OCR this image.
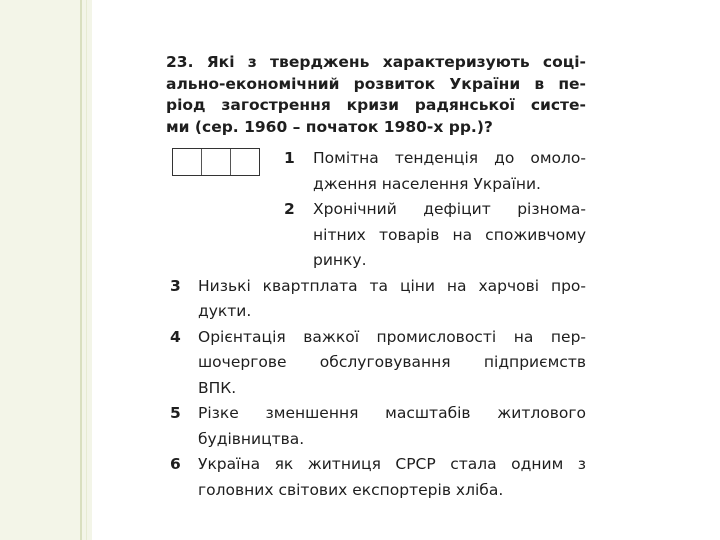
23. Які з тверджень характеризують соці-
ально-економічний розвиток України в пе-
ріод загострення кризи радянської систе-
ми (сер. 1960 – початок 1980-х рр.)?

1 Помітна тенденція до омоло-
дження населення України.
2 Хронічний дефіцит різнома-
нітних товарів на споживчому
ринку.
3 Низькі квартплата та ціни на харчові про-
дукти.
4 Орієнтація важкої промисловості на пер-
шочергове обслуговування підприємств
ВПК.
5 Різке зменшення масштабів житлового
будівництва.
6 Україна як житниця СРСР стала одним з
головних світових експортерів хліба.
